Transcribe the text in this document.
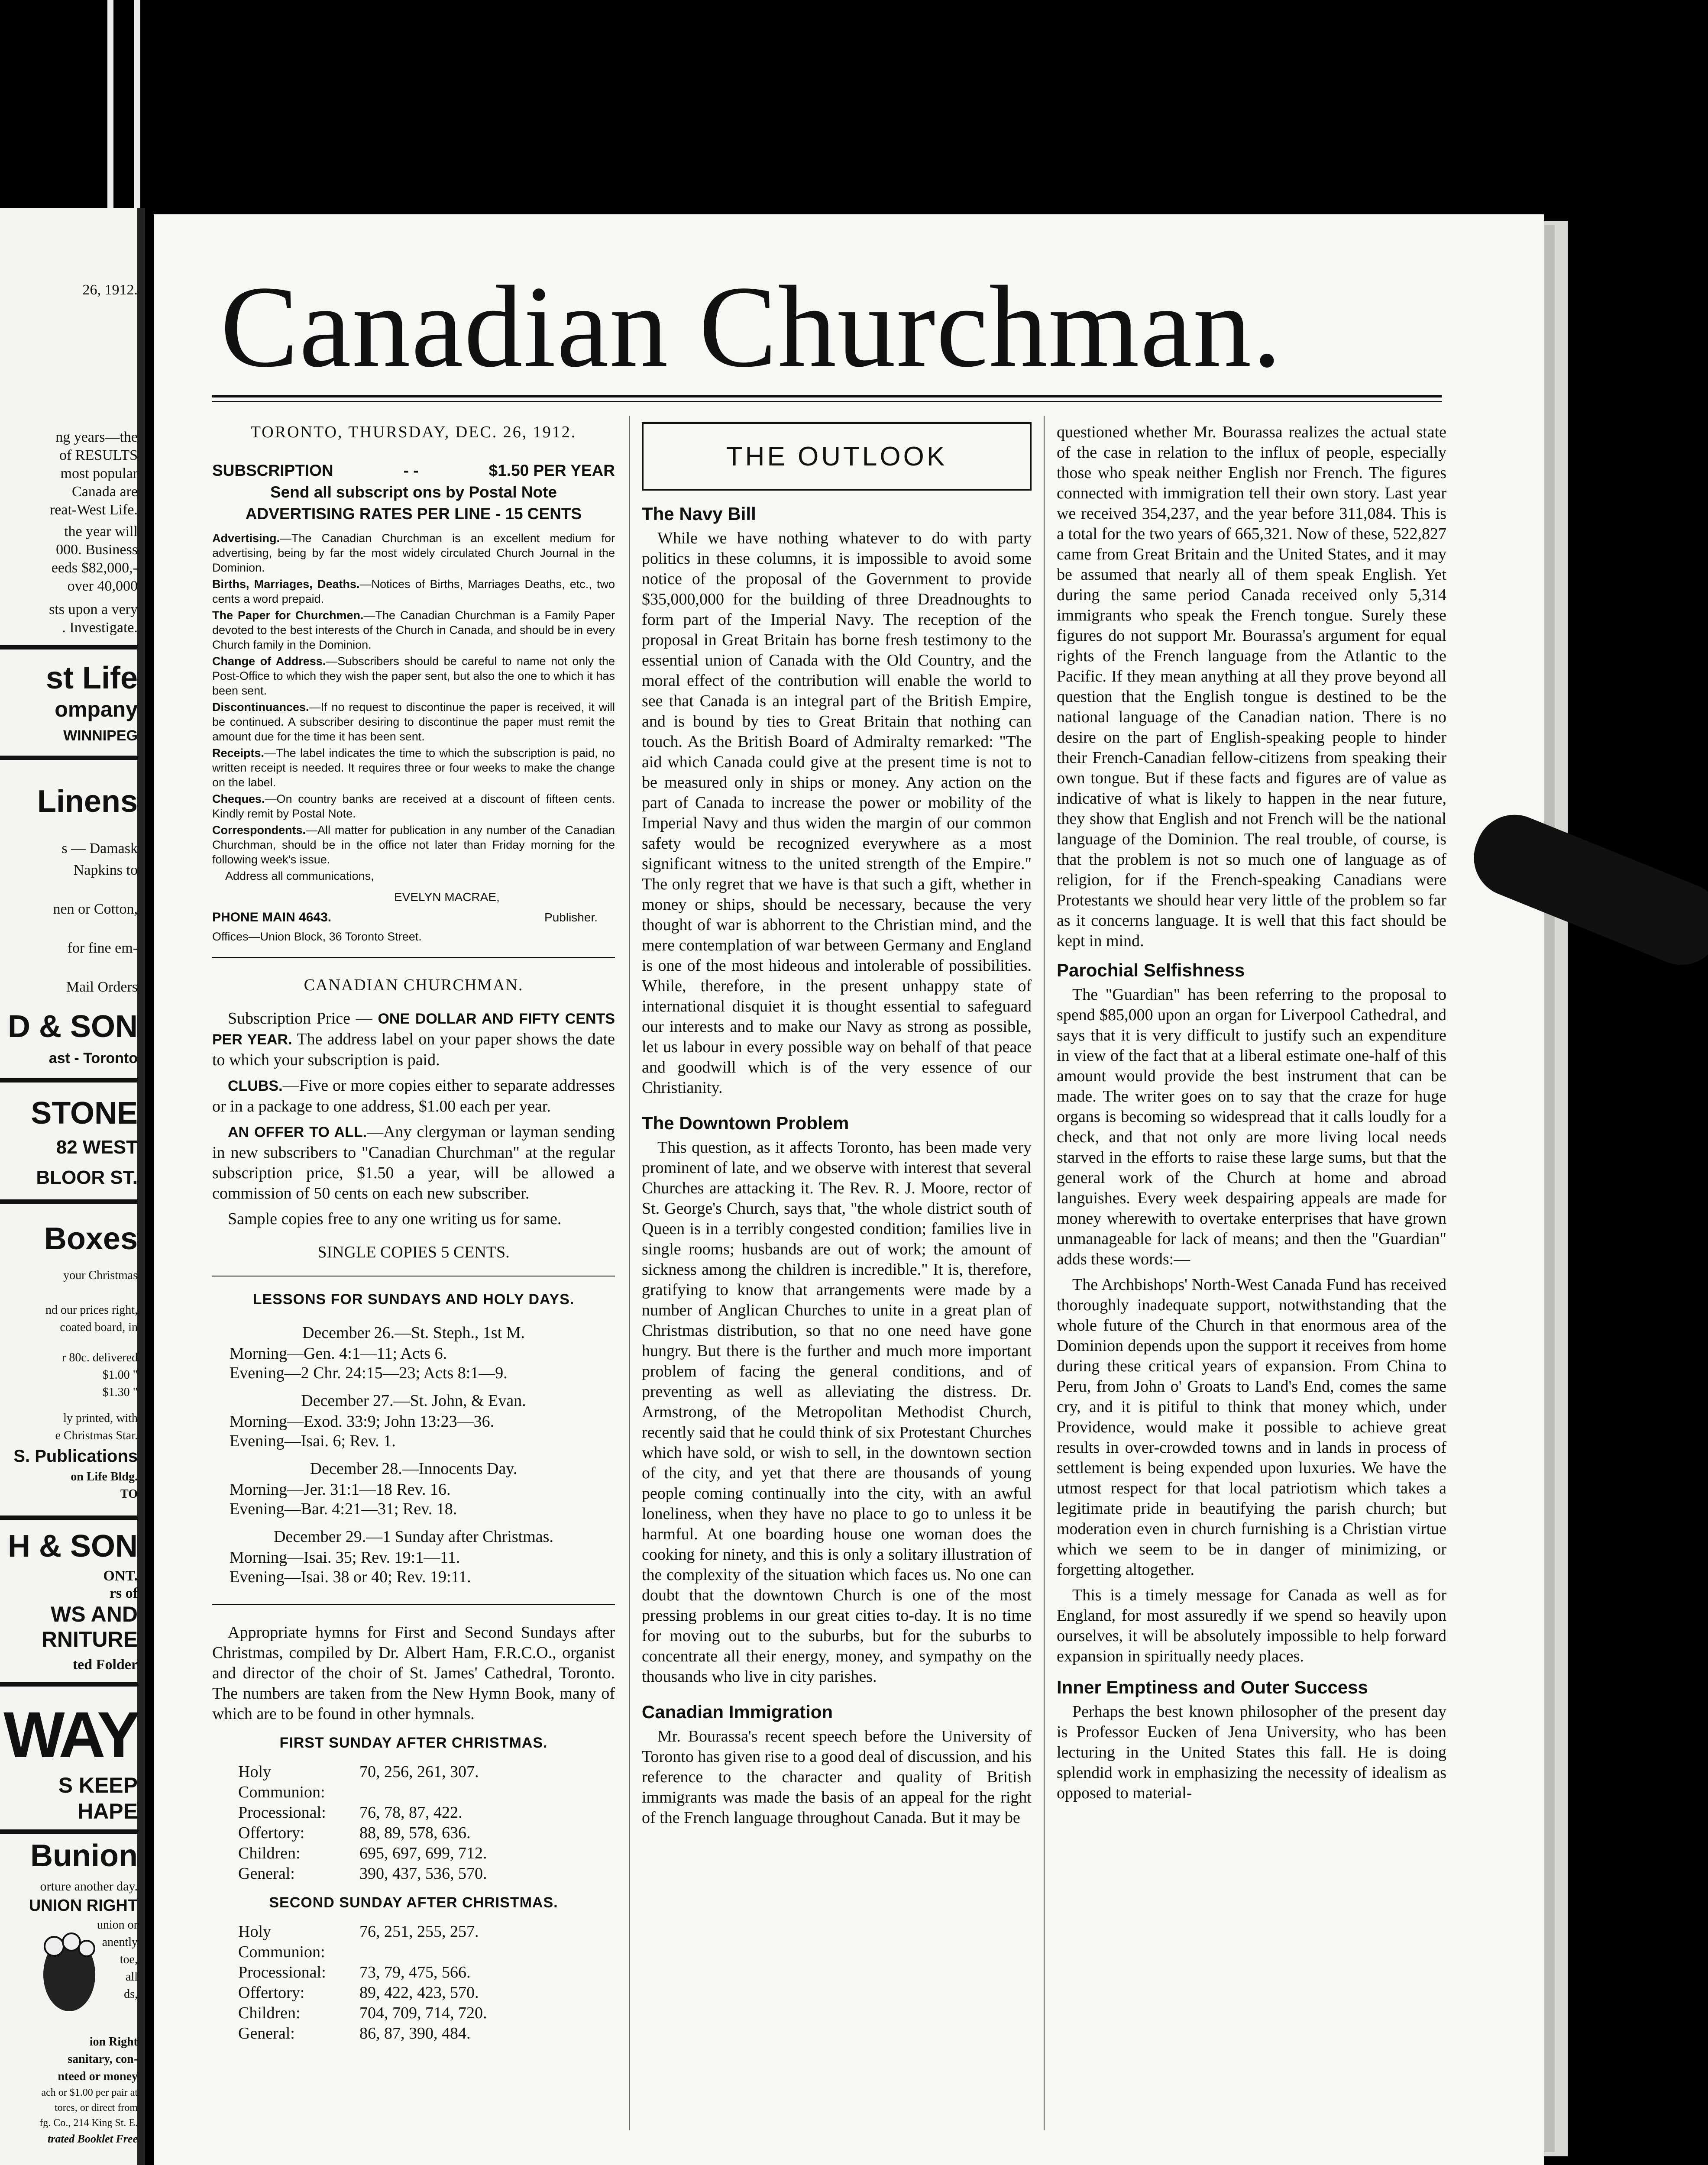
26, 1912.
ng years—the
of RESULTS
most popular
Canada are
reat-West Life.
the year will
000. Business
eeds $82,000,-
over 40,000
sts upon a very
. Investigate.
st Life
ompany
WINNIPEG
Linens
s — Damask
Napkins to
nen or Cotton,
for fine em-
Mail Orders
D & SON
ast - Toronto
STONE
82 WEST
BLOOR ST.
Boxes
your Christmas
nd our prices right,
coated board, in
r 80c. delivered
$1.00 "
$1.30 "
ly printed, with
e Christmas Star.
S. Publications
on Life Bldg.
TO
H & SON
ONT.
rs of
WS AND
RNITURE
ted Folder
WAY
S KEEP
HAPE
Bunion
orture another day.
UNION RIGHT
union or
anently
toe,
all
ds,
ion Right
sanitary, con-
nteed or money
ach or $1.00 per pair at
tores, or direct from
fg. Co., 214 King St. E.
trated Booklet Free
Canadian Churchman.
TORONTO, THURSDAY, DEC. 26, 1912.
SUBSCRIPTION	- -	$1.50 PER YEAR
Send all subscript ons by Postal Note
ADVERTISING RATES PER LINE - 15 CENTS
Advertising.—The Canadian Churchman is an excellent medium for advertising, being by far the most widely circulated Church Journal in the Dominion.
Births, Marriages, Deaths.—Notices of Births, Marriages Deaths, etc., two cents a word prepaid.
The Paper for Churchmen.—The Canadian Churchman is a Family Paper devoted to the best interests of the Church in Canada, and should be in every Church family in the Dominion.
Change of Address.—Subscribers should be careful to name not only the Post-Office to which they wish the paper sent, but also the one to which it has been sent.
Discontinuances.—If no request to discontinue the paper is received, it will be continued. A subscriber desiring to discontinue the paper must remit the amount due for the time it has been sent.
Receipts.—The label indicates the time to which the subscription is paid, no written receipt is needed. It requires three or four weeks to make the change on the label.
Cheques.—On country banks are received at a discount of fifteen cents. Kindly remit by Postal Note.
Correspondents.—All matter for publication in any number of the Canadian Churchman, should be in the office not later than Friday morning for the following week's issue.
Address all communications,
EVELYN MACRAE,
PHONE MAIN 4643.	Publisher.
Offices—Union Block, 36 Toronto Street.
CANADIAN CHURCHMAN.

Subscription Price — ONE DOLLAR AND FIFTY CENTS PER YEAR. The address label on your paper shows the date to which your subscription is paid.

CLUBS.—Five or more copies either to separate addresses or in a package to one address, $1.00 each per year.

AN OFFER TO ALL.—Any clergyman or layman sending in new subscribers to "Canadian Churchman" at the regular subscription price, $1.50 a year, will be allowed a commission of 50 cents on each new subscriber.

Sample copies free to any one writing us for same.

SINGLE COPIES 5 CENTS.
LESSONS FOR SUNDAYS AND HOLY DAYS.
December 26.—St. Steph., 1st M.
Morning—Gen. 4:1—11; Acts 6.
Evening—2 Chr. 24:15—23; Acts 8:1—9.
December 27.—St. John, & Evan.
Morning—Exod. 33:9; John 13:23—36.
Evening—Isai. 6; Rev. 1.
December 28.—Innocents Day.
Morning—Jer. 31:1—18 Rev. 16.
Evening—Bar. 4:21—31; Rev. 18.
December 29.—1 Sunday after Christmas.
Morning—Isai. 35; Rev. 19:1—11.
Evening—Isai. 38 or 40; Rev. 19:11.

Appropriate hymns for First and Second Sundays after Christmas, compiled by Dr. Albert Ham, F.R.C.O., organist and director of the choir of St. James' Cathedral, Toronto. The numbers are taken from the New Hymn Book, many of which are to be found in other hymnals.

FIRST SUNDAY AFTER CHRISTMAS.
Holy Communion:
70, 256, 261, 307.
Processional:	76, 78, 87, 422.
Offertory:	88, 89, 578, 636.
Children:	695, 697, 699, 712.
General:	390, 437, 536, 570.
SECOND SUNDAY AFTER CHRISTMAS.
Holy Communion:
76, 251, 255, 257.
Processional:	73, 79, 475, 566.
Offertory:	89, 422, 423, 570.
Children:	704, 709, 714, 720.
General:	86, 87, 390, 484.
THE OUTLOOK
The Navy Bill

While we have nothing whatever to do with party politics in these columns, it is impossible to avoid some notice of the proposal of the Government to provide $35,000,000 for the building of three Dreadnoughts to form part of the Imperial Navy. The reception of the proposal in Great Britain has borne fresh testimony to the essential union of Canada with the Old Country, and the moral effect of the contribution will enable the world to see that Canada is an integral part of the British Empire, and is bound by ties to Great Britain that nothing can touch. As the British Board of Admiralty remarked: "The aid which Canada could give at the present time is not to be measured only in ships or money. Any action on the part of Canada to increase the power or mobility of the Imperial Navy and thus widen the margin of our common safety would be recognized everywhere as a most significant witness to the united strength of the Empire." The only regret that we have is that such a gift, whether in money or ships, should be necessary, because the very thought of war is abhorrent to the Christian mind, and the mere contemplation of war between Germany and England is one of the most hideous and intolerable of possibilities. While, therefore, in the present unhappy state of international disquiet it is thought essential to safeguard our interests and to make our Navy as strong as possible, let us labour in every possible way on behalf of that peace and goodwill which is of the very essence of our Christianity.

The Downtown Problem

This question, as it affects Toronto, has been made very prominent of late, and we observe with interest that several Churches are attacking it. The Rev. R. J. Moore, rector of St. George's Church, says that, "the whole district south of Queen is in a terribly congested condition; families live in single rooms; husbands are out of work; the amount of sickness among the children is incredible." It is, therefore, gratifying to know that arrangements were made by a number of Anglican Churches to unite in a great plan of Christmas distribution, so that no one need have gone hungry. But there is the further and much more important problem of facing the general conditions, and of preventing as well as alleviating the distress. Dr. Armstrong, of the Metropolitan Methodist Church, recently said that he could think of six Protestant Churches which have sold, or wish to sell, in the downtown section of the city, and yet that there are thousands of young people coming continually into the city, with an awful loneliness, when they have no place to go to unless it be harmful. At one boarding house one woman does the cooking for ninety, and this is only a solitary illustration of the complexity of the situation which faces us. No one can doubt that the downtown Church is one of the most pressing problems in our great cities to-day. It is no time for moving out to the suburbs, but for the suburbs to concentrate all their energy, money, and sympathy on the thousands who live in city parishes.

Canadian Immigration

Mr. Bourassa's recent speech before the University of Toronto has given rise to a good deal of discussion, and his reference to the character and quality of British immigrants was made the basis of an appeal for the right of the French language throughout Canada. But it may be

questioned whether Mr. Bourassa realizes the actual state of the case in relation to the influx of people, especially those who speak neither English nor French. The figures connected with immigration tell their own story. Last year we received 354,237, and the year before 311,084. This is a total for the two years of 665,321. Now of these, 522,827 came from Great Britain and the United States, and it may be assumed that nearly all of them speak English. Yet during the same period Canada received only 5,314 immigrants who speak the French tongue. Surely these figures do not support Mr. Bourassa's argument for equal rights of the French language from the Atlantic to the Pacific. If they mean anything at all they prove beyond all question that the English tongue is destined to be the national language of the Canadian nation. There is no desire on the part of English-speaking people to hinder their French-Canadian fellow-citizens from speaking their own tongue. But if these facts and figures are of value as indicative of what is likely to happen in the near future, they show that English and not French will be the national language of the Dominion. The real trouble, of course, is that the problem is not so much one of language as of religion, for if the French-speaking Canadians were Protestants we should hear very little of the problem so far as it concerns language. It is well that this fact should be kept in mind.

Parochial Selfishness

The "Guardian" has been referring to the proposal to spend $85,000 upon an organ for Liverpool Cathedral, and says that it is very difficult to justify such an expenditure in view of the fact that at a liberal estimate one-half of this amount would provide the best instrument that can be made. The writer goes on to say that the craze for huge organs is becoming so widespread that it calls loudly for a check, and that not only are more living local needs starved in the efforts to raise these large sums, but that the general work of the Church at home and abroad languishes. Every week despairing appeals are made for money wherewith to overtake enterprises that have grown unmanageable for lack of means; and then the "Guardian" adds these words:—

The Archbishops' North-West Canada Fund has received thoroughly inadequate support, notwithstanding that the whole future of the Church in that enormous area of the Dominion depends upon the support it receives from home during these critical years of expansion. From China to Peru, from John o' Groats to Land's End, comes the same cry, and it is pitiful to think that money which, under Providence, would make it possible to achieve great results in over-crowded towns and in lands in process of settlement is being expended upon luxuries. We have the utmost respect for that local patriotism which takes a legitimate pride in beautifying the parish church; but moderation even in church furnishing is a Christian virtue which we seem to be in danger of minimizing, or forgetting altogether.

This is a timely message for Canada as well as for England, for most assuredly if we spend so heavily upon ourselves, it will be absolutely impossible to help forward expansion in spiritually needy places.

Inner Emptiness and Outer Success

Perhaps the best known philosopher of the present day is Professor Eucken of Jena University, who has been lecturing in the United States this fall. He is doing splendid work in emphasizing the necessity of idealism as opposed to material-
